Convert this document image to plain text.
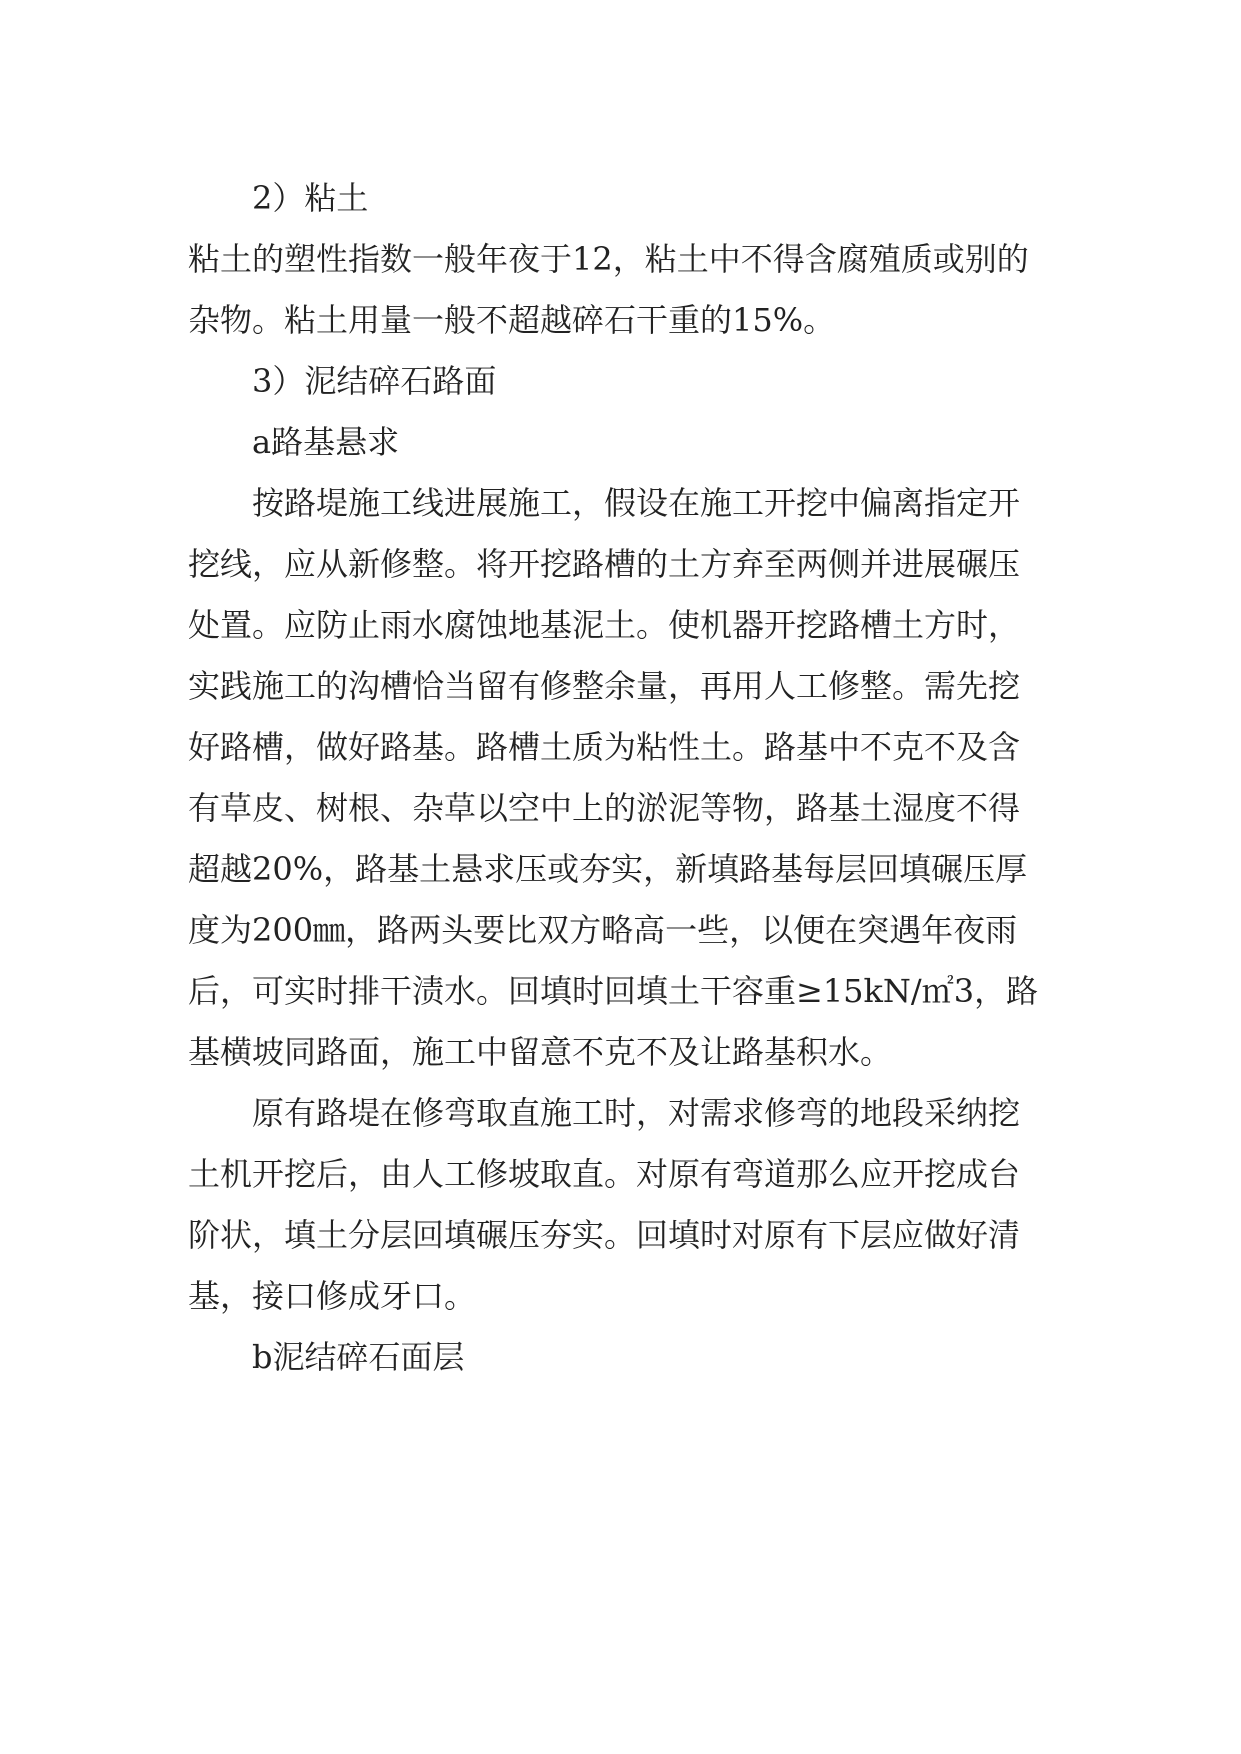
2）粘土

粘土的塑性指数一般年夜于12，粘土中不得含腐殖质或别的杂物。粘土用量一般不超越碎石干重的15%。

3）泥结碎石路面

a路基悬求

按路堤施工线进展施工，假设在施工开挖中偏离指定开挖线，应从新修整。将开挖路槽的土方弃至两侧并进展碾压处置。应防止雨水腐蚀地基泥土。使机器开挖路槽土方时，实践施工的沟槽恰当留有修整余量，再用人工修整。需先挖好路槽，做好路基。路槽土质为粘性土。路基中不克不及含有草皮、树根、杂草以空中上的淤泥等物，路基土湿度不得超越20%，路基土悬求压或夯实，新填路基每层回填碾压厚度为200㎜，路两头要比双方略高一些，以便在突遇年夜雨后，可实时排干渍水。回填时回填土干容重≥15kN/㎡3，路基横坡同路面，施工中留意不克不及让路基积水。

原有路堤在修弯取直施工时，对需求修弯的地段采纳挖土机开挖后，由人工修坡取直。对原有弯道那么应开挖成台阶状，填土分层回填碾压夯实。回填时对原有下层应做好清基，接口修成牙口。

b泥结碎石面层
